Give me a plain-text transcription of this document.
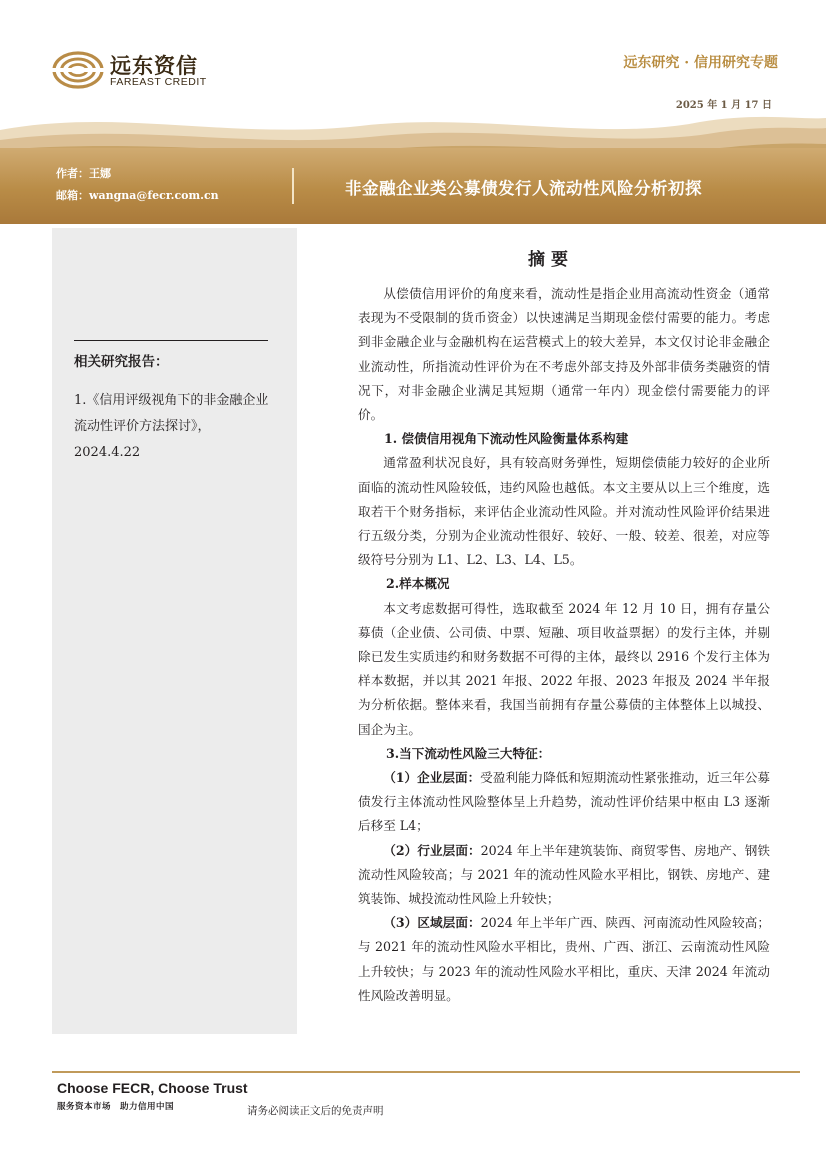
远东资信
FAREAST CREDIT
远东研究 · 信用研究专题
2025 年 1 月 17 日
作者：王娜
邮箱：wangna@fecr.com.cn	非金融企业类公募债发行人流动性风险分析初探
相关研究报告：
1.《信用评级视角下的非金融企业流动性评价方法探讨》，2024.4.22
摘要

从偿债信用评价的角度来看，流动性是指企业用高流动性资金（通常表现为不受限制的货币资金）以快速满足当期现金偿付需要的能力。考虑到非金融企业与金融机构在运营模式上的较大差异，本文仅讨论非金融企业流动性，所指流动性评价为在不考虑外部支持及外部非债务类融资的情况下，对非金融企业满足其短期（通常一年内）现金偿付需要能力的评价。

1. 偿债信用视角下流动性风险衡量体系构建

通常盈利状况良好，具有较高财务弹性，短期偿债能力较好的企业所面临的流动性风险较低，违约风险也越低。本文主要从以上三个维度，选取若干个财务指标，来评估企业流动性风险。并对流动性风险评价结果进行五级分类，分别为企业流动性很好、较好、一般、较差、很差，对应等级符号分别为 L1、L2、L3、L4、L5。

2.样本概况

本文考虑数据可得性，选取截至 2024 年 12 月 10 日，拥有存量公募债（企业债、公司债、中票、短融、项目收益票据）的发行主体，并剔除已发生实质违约和财务数据不可得的主体，最终以 2916 个发行主体为样本数据，并以其 2021 年报、2022 年报、2023 年报及 2024 半年报为分析依据。整体来看，我国当前拥有存量公募债的主体整体上以城投、国企为主。

3.当下流动性风险三大特征：

（1）企业层面：受盈利能力降低和短期流动性紧张推动，近三年公募债发行主体流动性风险整体呈上升趋势，流动性评价结果中枢由 L3 逐渐后移至 L4；

（2）行业层面：2024 年上半年建筑装饰、商贸零售、房地产、钢铁流动性风险较高；与 2021 年的流动性风险水平相比，钢铁、房地产、建筑装饰、城投流动性风险上升较快；

（3）区域层面：2024 年上半年广西、陕西、河南流动性风险较高；与 2021 年的流动性风险水平相比，贵州、广西、浙江、云南流动性风险上升较快；与 2023 年的流动性风险水平相比，重庆、天津 2024 年流动性风险改善明显。

Choose FECR, Choose Trust
服务资本市场　助力信用中国	请务必阅读正文后的免责声明
